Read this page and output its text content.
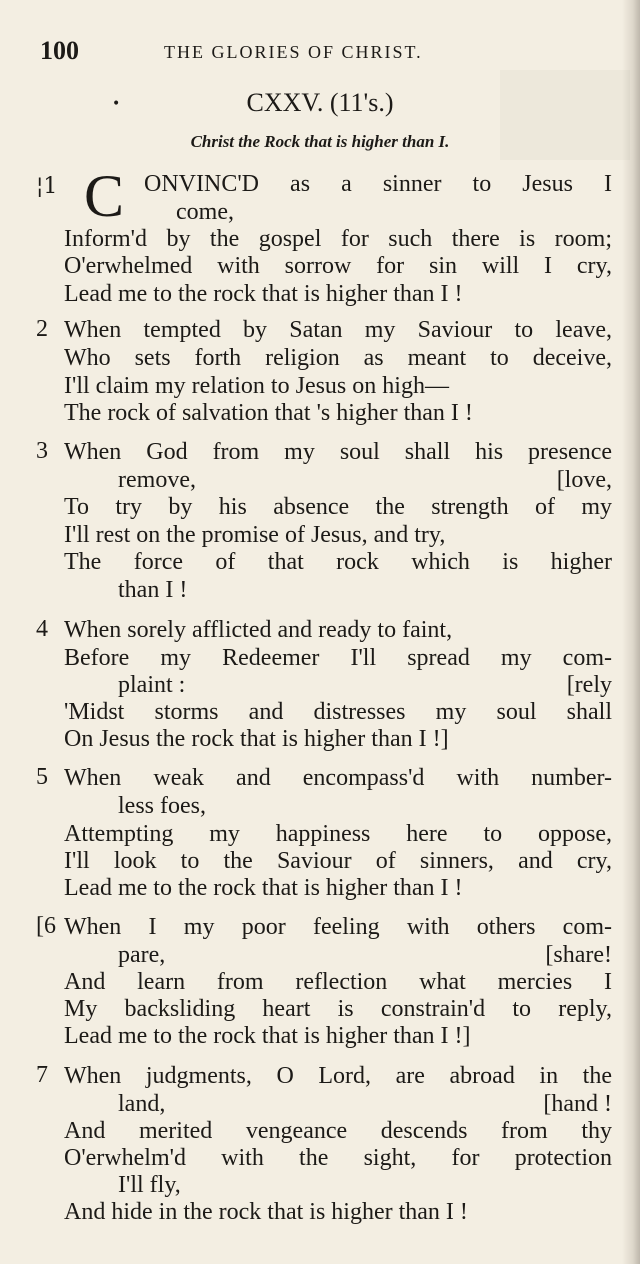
100	THE GLORIES OF CHRIST.
•	CXXV. (11's.)
Christ the Rock that is higher than I.
¦1 C ONVINC'D as a sinner to Jesus I
come,
Inform'd by the gospel for such there is room;
O'erwhelmed with sorrow for sin will I cry,
Lead me to the rock that is higher than I !
2 When tempted by Satan my Saviour to leave,
Who sets forth religion as meant to deceive,
I'll claim my relation to Jesus on high—
The rock of salvation that 's higher than I !
3 When God from my soul shall his presence
remove,	[love,
To try by his absence the strength of my
I'll rest on the promise of Jesus, and try,
The force of that rock which is higher
than I !
4 When sorely afflicted and ready to faint,
Before my Redeemer I'll spread my com-
plaint :	[rely
'Midst storms and distresses my soul shall
On Jesus the rock that is higher than I !]
5 When weak and encompass'd with number-
less foes,
Attempting my happiness here to oppose,
I'll look to the Saviour of sinners, and cry,
Lead me to the rock that is higher than I !
[6 When I my poor feeling with others com-
pare,	[share!
And learn from reflection what mercies I
My backsliding heart is constrain'd to reply,
Lead me to the rock that is higher than I !]
7 When judgments, O Lord, are abroad in the
land,	[hand !
And merited vengeance descends from thy
O'erwhelm'd with the sight, for protection
I'll fly,
And hide in the rock that is higher than I !
